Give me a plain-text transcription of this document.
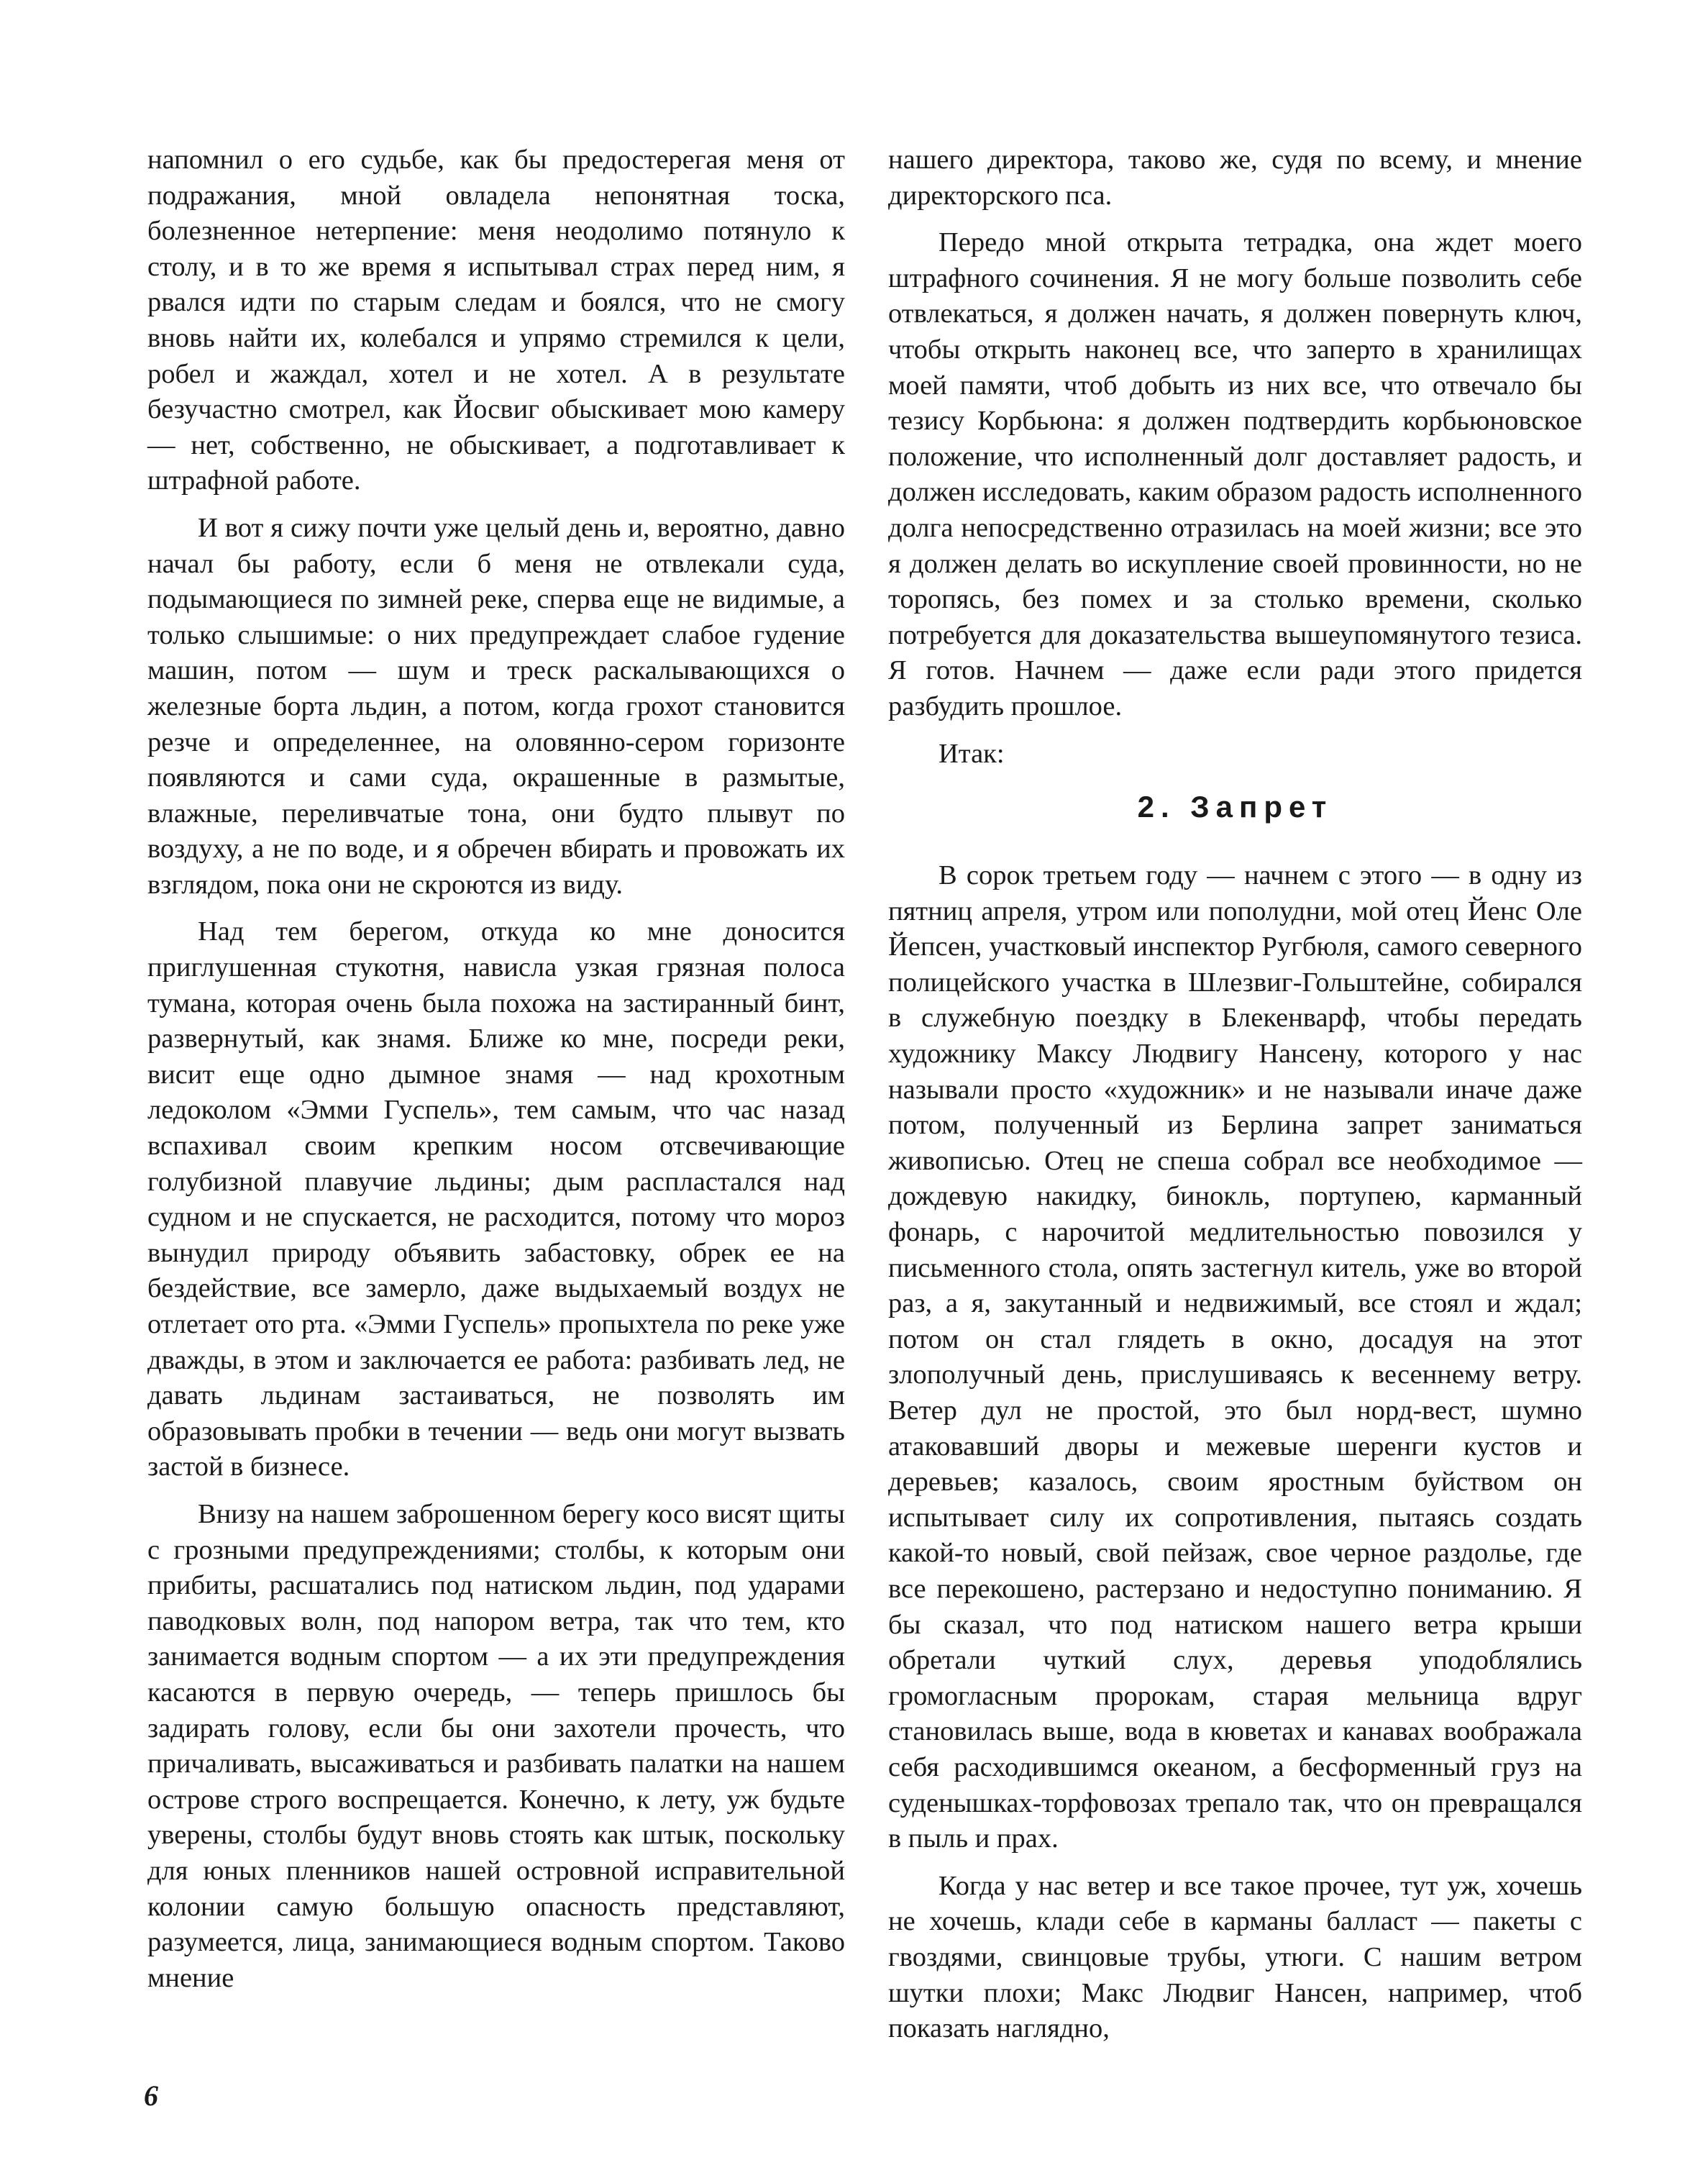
напомнил о его судьбе, как бы предостерегая меня от подражания, мной овладела непонятная тоска, болезненное нетерпение: меня неодолимо потянуло к столу, и в то же время я испытывал страх перед ним, я рвался идти по старым следам и боялся, что не смогу вновь найти их, колебался и упрямо стремился к цели, робел и жаждал, хотел и не хотел. А в результате безучастно смотрел, как Йосвиг обыскивает мою камеру — нет, собственно, не обыскивает, а подготавливает к штрафной работе.

И вот я сижу почти уже целый день и, вероятно, давно начал бы работу, если б меня не отвлекали суда, подымающиеся по зимней реке, сперва еще не видимые, а только слышимые: о них предупреждает слабое гудение машин, потом — шум и треск раскалывающихся о железные борта льдин, а потом, когда грохот становится резче и определеннее, на оловянно-сером горизонте появляются и сами суда, окрашенные в размытые, влажные, переливчатые тона, они будто плывут по воздуху, а не по воде, и я обречен вбирать и провожать их взглядом, пока они не скроются из виду.

Над тем берегом, откуда ко мне доносится приглушенная стукотня, нависла узкая грязная полоса тумана, которая очень была похожа на застиранный бинт, развернутый, как знамя. Ближе ко мне, посреди реки, висит еще одно дымное знамя — над крохотным ледоколом «Эмми Гуспель», тем самым, что час назад вспахивал своим крепким носом отсвечивающие голубизной плавучие льдины; дым распластался над судном и не спускается, не расходится, потому что мороз вынудил природу объявить забастовку, обрек ее на бездействие, все замерло, даже выдыхаемый воздух не отлетает ото рта. «Эмми Гуспель» пропыхтела по реке уже дважды, в этом и заключается ее работа: разбивать лед, не давать льдинам застаиваться, не позволять им образовывать пробки в течении — ведь они могут вызвать застой в бизнесе.

Внизу на нашем заброшенном берегу косо висят щиты с грозными предупреждениями; столбы, к которым они прибиты, расшатались под натиском льдин, под ударами паводковых волн, под напором ветра, так что тем, кто занимается водным спортом — а их эти предупреждения касаются в первую очередь, — теперь пришлось бы задирать голову, если бы они захотели прочесть, что причаливать, высаживаться и разбивать палатки на нашем острове строго воспрещается. Конечно, к лету, уж будьте уверены, столбы будут вновь стоять как штык, поскольку для юных пленников нашей островной исправительной колонии самую большую опасность представляют, разумеется, лица, занимающиеся водным спортом. Таково мнение

нашего директора, таково же, судя по всему, и мнение директорского пса.

Передо мной открыта тетрадка, она ждет моего штрафного сочинения. Я не могу больше позволить себе отвлекаться, я должен начать, я должен повернуть ключ, чтобы открыть наконец все, что заперто в хранилищах моей памяти, чтоб добыть из них все, что отвечало бы тезису Корбьюна: я должен подтвердить корбьюновское положение, что исполненный долг доставляет радость, и должен исследовать, каким образом радость исполненного долга непосредственно отразилась на моей жизни; все это я должен делать во искупление своей провинности, но не торопясь, без помех и за столько времени, сколько потребуется для доказательства вышеупомянутого тезиса. Я готов. Начнем — даже если ради этого придется разбудить прошлое.

Итак:

2. Запрет

В сорок третьем году — начнем с этого — в одну из пятниц апреля, утром или пополудни, мой отец Йенс Оле Йепсен, участковый инспектор Ругбюля, самого северного полицейского участка в Шлезвиг-Гольштейне, собирался в служебную поездку в Блекенварф, чтобы передать художнику Максу Людвигу Нансену, которого у нас называли просто «художник» и не называли иначе даже потом, полученный из Берлина запрет заниматься живописью. Отец не спеша собрал все необходимое — дождевую накидку, бинокль, портупею, карманный фонарь, с нарочитой медлительностью повозился у письменного стола, опять застегнул китель, уже во второй раз, а я, закутанный и недвижимый, все стоял и ждал; потом он стал глядеть в окно, досадуя на этот злополучный день, прислушиваясь к весеннему ветру. Ветер дул не простой, это был норд-вест, шумно атаковавший дворы и межевые шеренги кустов и деревьев; казалось, своим яростным буйством он испытывает силу их сопротивления, пытаясь создать какой-то новый, свой пейзаж, свое черное раздолье, где все перекошено, растерзано и недоступно пониманию. Я бы сказал, что под натиском нашего ветра крыши обретали чуткий слух, деревья уподоблялись громогласным пророкам, старая мельница вдруг становилась выше, вода в кюветах и канавах воображала себя расходившимся океаном, а бесформенный груз на суденышках-торфовозах трепало так, что он превращался в пыль и прах.

Когда у нас ветер и все такое прочее, тут уж, хочешь не хочешь, клади себе в карманы балласт — пакеты с гвоздями, свинцовые трубы, утюги. С нашим ветром шутки плохи; Макс Людвиг Нансен, например, чтоб показать наглядно,

6
